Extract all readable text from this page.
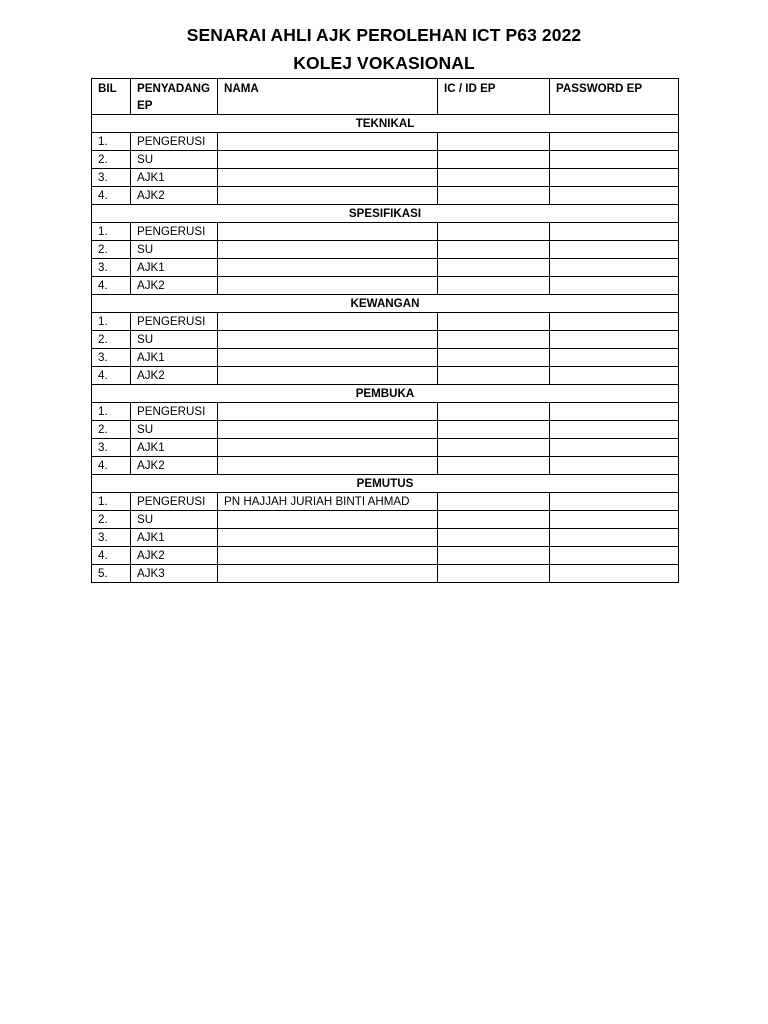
SENARAI AHLI AJK PEROLEHAN ICT P63 2022
KOLEJ VOKASIONAL
BIL	PENYADANG EP	NAMA	IC / ID EP	PASSWORD EP
TEKNIKAL				
1.	PENGERUSI			
2.	SU			
3.	AJK1			
4.	AJK2			
SPESIFIKASI				
1.	PENGERUSI			
2.	SU			
3.	AJK1			
4.	AJK2			
KEWANGAN				
1.	PENGERUSI			
2.	SU			
3.	AJK1			
4.	AJK2			
PEMBUKA				
1.	PENGERUSI			
2.	SU			
3.	AJK1			
4.	AJK2			
PEMUTUS				
1.	PENGERUSI	PN HAJJAH JURIAH BINTI AHMAD		
2.	SU			
3.	AJK1			
4.	AJK2			
5.	AJK3			
